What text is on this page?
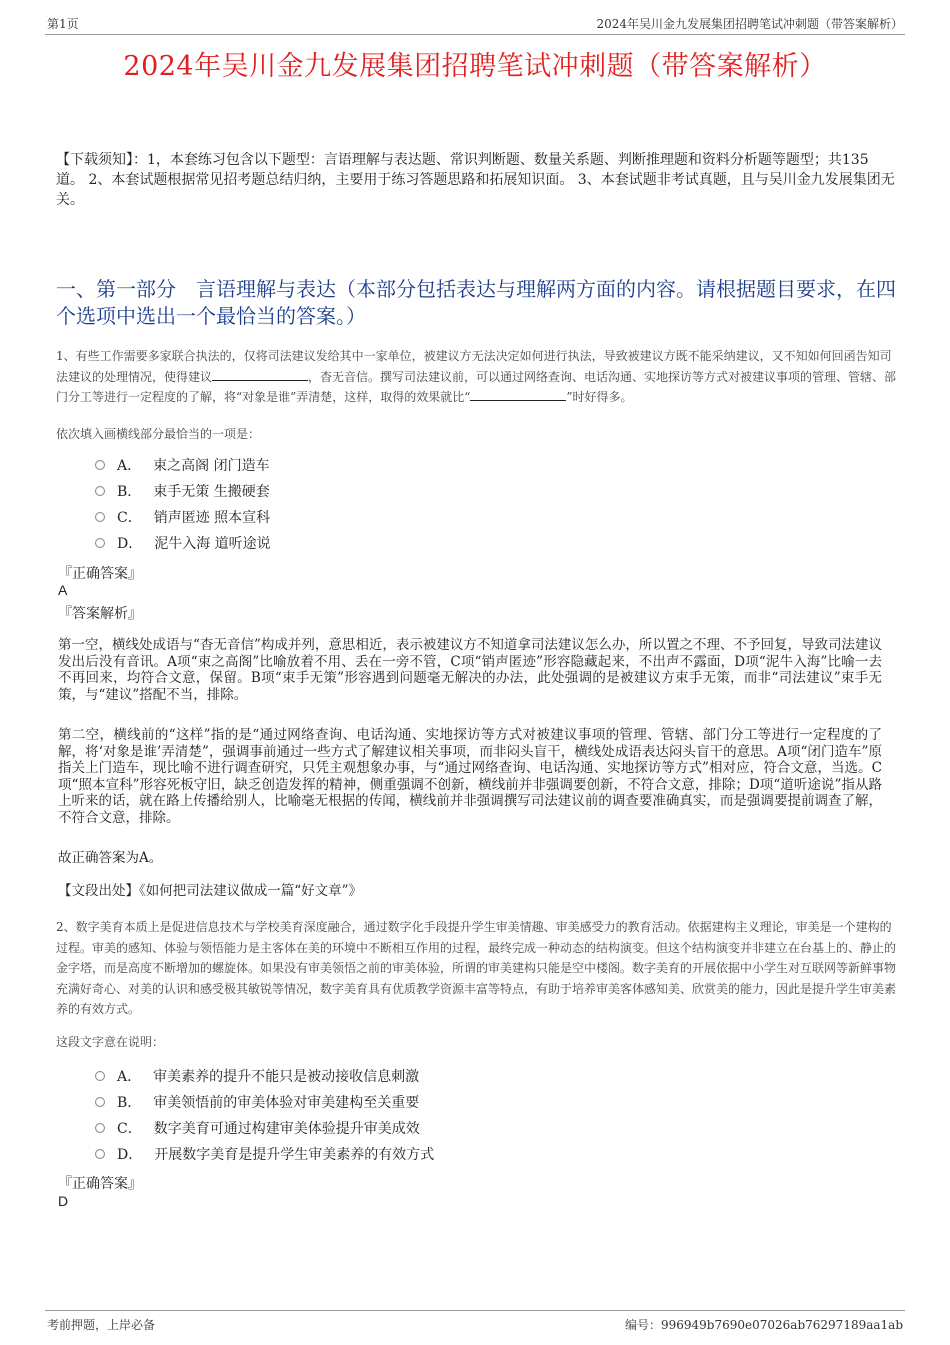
第1页	2024年吴川金九发展集团招聘笔试冲刺题（带答案解析）
2024年吴川金九发展集团招聘笔试冲刺题（带答案解析）
【下载须知】：1，本套练习包含以下题型：言语理解与表达题、常识判断题、数量关系题、判断推理题和资料分析题等题型；共135道。 2、本套试题根据常见招考题总结归纳，主要用于练习答题思路和拓展知识面。 3、本套试题非考试真题，且与吴川金九发展集团无关。
一、第一部分　言语理解与表达（本部分包括表达与理解两方面的内容。请根据题目要求，在四个选项中选出一个最恰当的答案。）
1、有些工作需要多家联合执法的，仅将司法建议发给其中一家单位，被建议方无法决定如何进行执法，导致被建议方既不能采纳建议，又不知如何回函告知司法建议的处理情况，使得建议	，杳无音信。撰写司法建议前，可以通过网络查询、电话沟通、实地探访等方式对被建议事项的管理、管辖、部门分工等进行一定程度的了解，将“对象是谁”弄清楚，这样，取得的效果就比“	”时好得多。
依次填入画横线部分最恰当的一项是：
A． 束之高阁 闭门造车
B． 束手无策 生搬硬套
C． 销声匿迹 照本宣科
D． 泥牛入海 道听途说
『正确答案』
A
『答案解析』
第一空，横线处成语与“杳无音信”构成并列，意思相近，表示被建议方不知道拿司法建议怎么办，所以置之不理、不予回复，导致司法建议发出后没有音讯。A项“束之高阁”比喻放着不用、丢在一旁不管，C项“销声匿迹”形容隐藏起来，不出声不露面，D项“泥牛入海”比喻一去不再回来，均符合文意，保留。B项“束手无策”形容遇到问题毫无解决的办法，此处强调的是被建议方束手无策，而非“司法建议”束手无策，与“建议”搭配不当，排除。
第二空，横线前的“这样”指的是“通过网络查询、电话沟通、实地探访等方式对被建议事项的管理、管辖、部门分工等进行一定程度的了解，将‘对象是谁’弄清楚”，强调事前通过一些方式了解建议相关事项，而非闷头盲干，横线处成语表达闷头盲干的意思。A项“闭门造车”原指关上门造车，现比喻不进行调查研究，只凭主观想象办事，与“通过网络查询、电话沟通、实地探访等方式”相对应，符合文意，当选。C项“照本宣科”形容死板守旧，缺乏创造发挥的精神，侧重强调不创新，横线前并非强调要创新，不符合文意，排除；D项“道听途说”指从路上听来的话，就在路上传播给别人，比喻毫无根据的传闻，横线前并非强调撰写司法建议前的调查要准确真实，而是强调要提前调查了解，不符合文意，排除。
故正确答案为A。
【文段出处】《如何把司法建议做成一篇“好文章”》
2、数字美育本质上是促进信息技术与学校美育深度融合，通过数字化手段提升学生审美情趣、审美感受力的教育活动。依据建构主义理论，审美是一个建构的过程。审美的感知、体验与领悟能力是主客体在美的环境中不断相互作用的过程，最终完成一种动态的结构演变。但这个结构演变并非建立在台基上的、静止的金字塔，而是高度不断增加的螺旋体。如果没有审美领悟之前的审美体验，所谓的审美建构只能是空中楼阁。数字美育的开展依据中小学生对互联网等新鲜事物充满好奇心、对美的认识和感受极其敏锐等情况，数字美育具有优质教学资源丰富等特点，有助于培养审美客体感知美、欣赏美的能力，因此是提升学生审美素养的有效方式。
这段文字意在说明：
A． 审美素养的提升不能只是被动接收信息刺激
B． 审美领悟前的审美体验对审美建构至关重要
C． 数字美育可通过构建审美体验提升审美成效
D． 开展数字美育是提升学生审美素养的有效方式
『正确答案』
D
考前押题，上岸必备	编号：996949b7690e07026ab76297189aa1ab
